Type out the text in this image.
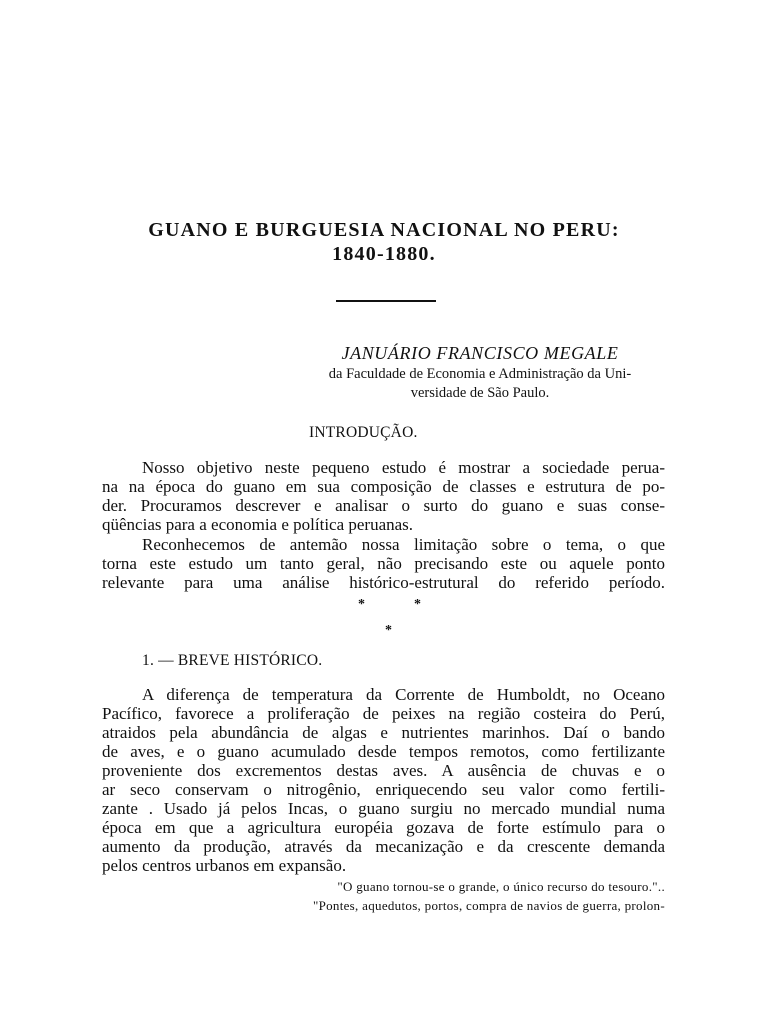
GUANO E BURGUESIA NACIONAL NO PERU:
1840-1880.
JANUÁRIO FRANCISCO MEGALE
da Faculdade de Economia e Administração da Uni-
versidade de São Paulo.
INTRODUÇÃO.
Nosso objetivo neste pequeno estudo é mostrar a sociedade perua-
na na época do guano em sua composição de classes e estrutura de po-
der. Procuramos descrever e analisar o surto do guano e suas conse-
qüências para a economia e política peruanas.
Reconhecemos de antemão nossa limitação sobre o tema, o que
torna este estudo um tanto geral, não precisando este ou aquele ponto
relevante para uma análise histórico-estrutural do referido período.
*	*
*
1. — BREVE HISTÓRICO.
A diferença de temperatura da Corrente de Humboldt, no Oceano
Pacífico, favorece a proliferação de peixes na região costeira do Perú,
atraidos pela abundância de algas e nutrientes marinhos. Daí o bando
de aves, e o guano acumulado desde tempos remotos, como fertilizante
proveniente dos excrementos destas aves. A ausência de chuvas e o
ar seco conservam o nitrogênio, enriquecendo seu valor como fertili-
zante . Usado já pelos Incas, o guano surgiu no mercado mundial numa
época em que a agricultura européia gozava de forte estímulo para o
aumento da produção, através da mecanização e da crescente demanda
pelos centros urbanos em expansão.
"O guano tornou-se o grande, o único recurso do tesouro."..
"Pontes, aquedutos, portos, compra de navios de guerra, prolon-
